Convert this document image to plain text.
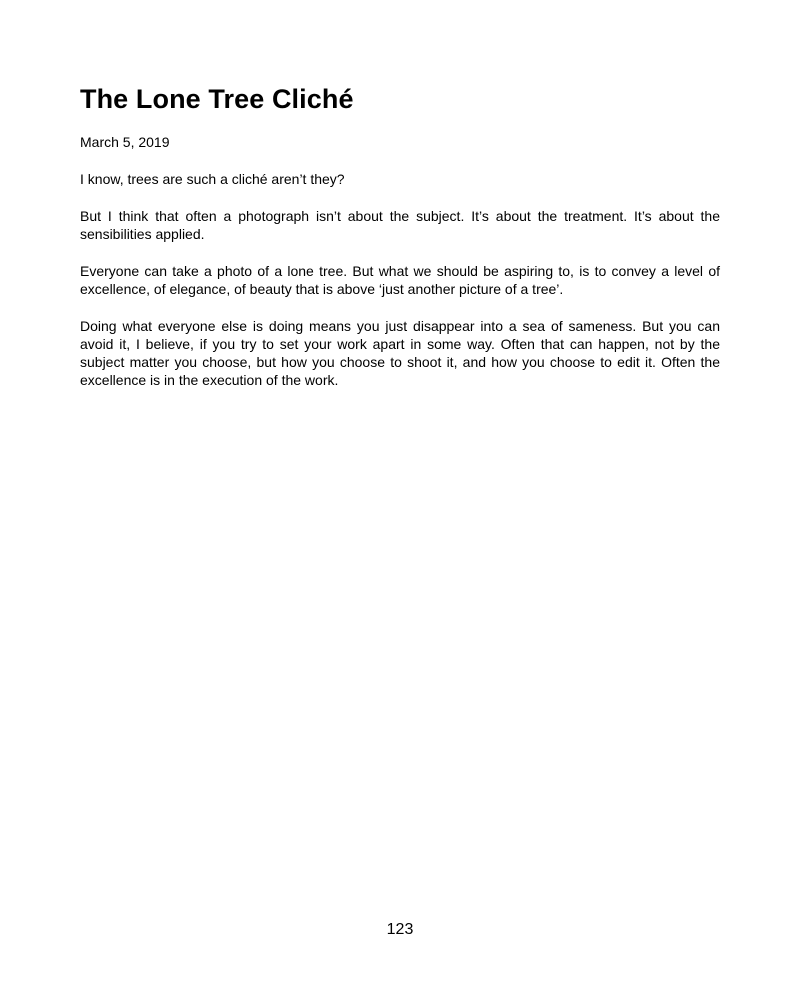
The Lone Tree Cliché

March 5, 2019

I know, trees are such a cliché aren’t they?

But I think that often a photograph isn’t about the subject. It’s about the treatment. It’s about the sensibilities applied.

Everyone can take a photo of a lone tree. But what we should be aspiring to, is to convey a level of excellence, of elegance, of beauty that is above ‘just another picture of a tree’.

Doing what everyone else is doing means you just disappear into a sea of sameness. But you can avoid it, I believe, if you try to set your work apart in some way. Often that can happen, not by the subject matter you choose, but how you choose to shoot it, and how you choose to edit it. Often the excellence is in the execution of the work.

123
